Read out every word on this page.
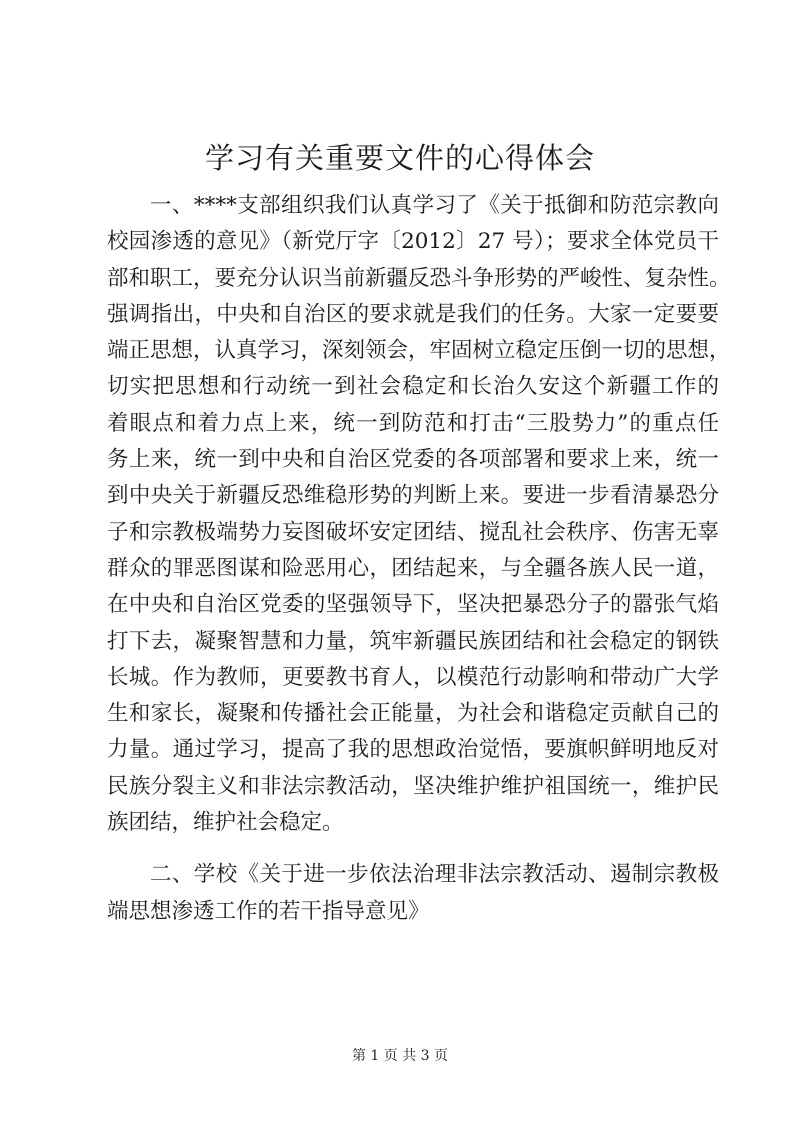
学习有关重要文件的心得体会

一、****支部组织我们认真学习了《关于抵御和防范宗教向
校园渗透的意见》（新党厅字〔2012〕27 号）；要求全体党员干
部和职工，要充分认识当前新疆反恐斗争形势的严峻性、复杂性。
强调指出，中央和自治区的要求就是我们的任务。大家一定要要
端正思想，认真学习，深刻领会，牢固树立稳定压倒一切的思想，
切实把思想和行动统一到社会稳定和长治久安这个新疆工作的
着眼点和着力点上来，统一到防范和打击“三股势力”的重点任
务上来，统一到中央和自治区党委的各项部署和要求上来，统一
到中央关于新疆反恐维稳形势的判断上来。要进一步看清暴恐分
子和宗教极端势力妄图破坏安定团结、搅乱社会秩序、伤害无辜
群众的罪恶图谋和险恶用心，团结起来，与全疆各族人民一道，
在中央和自治区党委的坚强领导下，坚决把暴恐分子的嚣张气焰
打下去，凝聚智慧和力量，筑牢新疆民族团结和社会稳定的钢铁
长城。作为教师，更要教书育人，以模范行动影响和带动广大学
生和家长，凝聚和传播社会正能量，为社会和谐稳定贡献自己的
力量。通过学习，提高了我的思想政治觉悟，要旗帜鲜明地反对
民族分裂主义和非法宗教活动，坚决维护维护祖国统一，维护民
族团结，维护社会稳定。

二、学校《关于进一步依法治理非法宗教活动、遏制宗教极
端思想渗透工作的若干指导意见》

第 1 页 共 3 页
